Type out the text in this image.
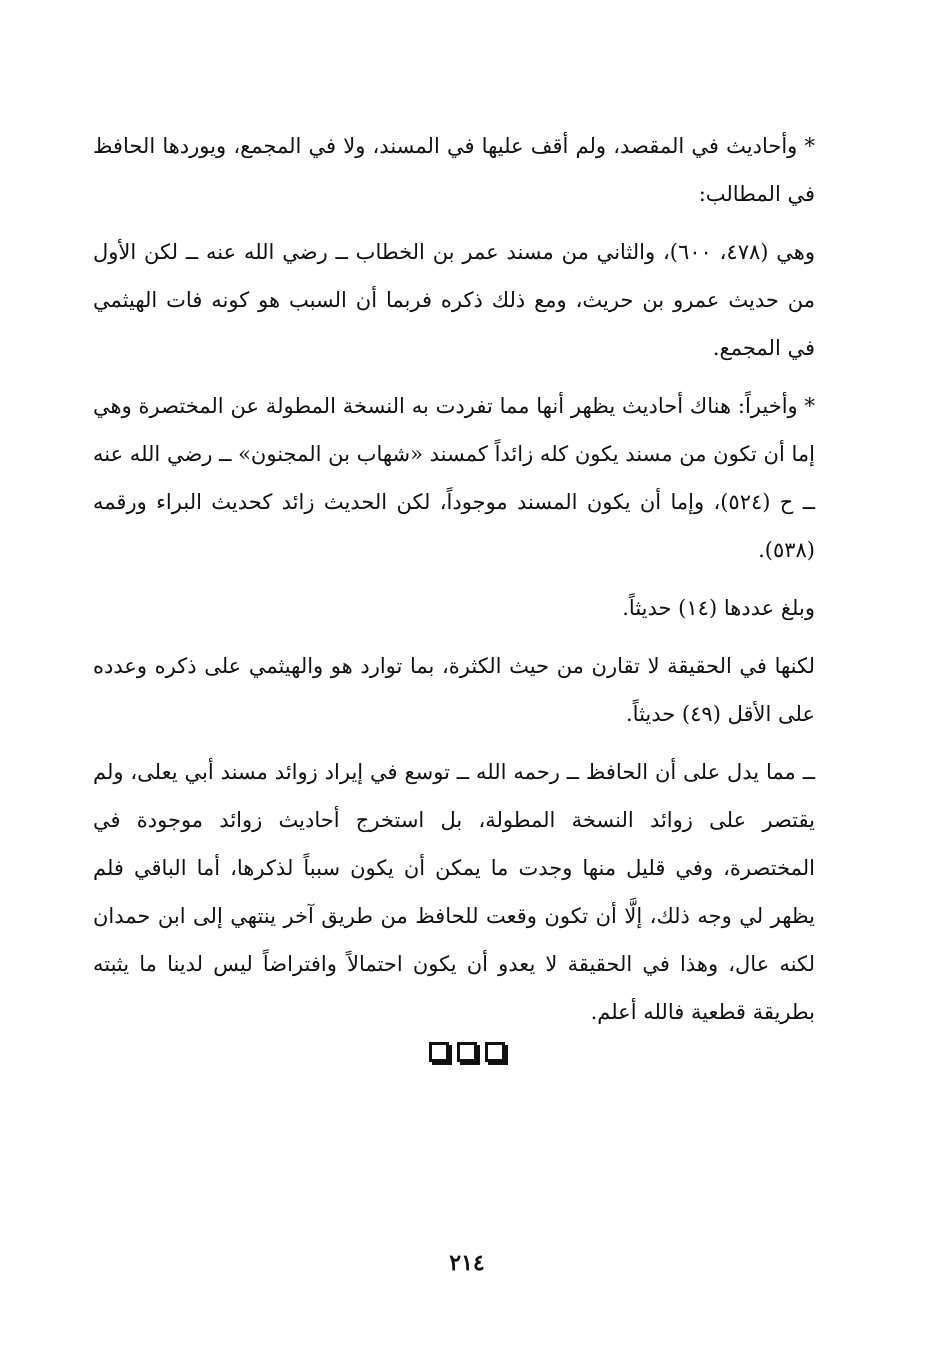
* وأحاديث في المقصد، ولم أقف عليها في المسند، ولا في المجمع، ويوردها الحافظ في المطالب:

وهي (٤٧٨، ٦٠٠)، والثاني من مسند عمر بن الخطاب ــ رضي الله عنه ــ لكن الأول من حديث عمرو بن حريث، ومع ذلك ذكره فربما أن السبب هو كونه فات الهيثمي في المجمع.

* وأخيراً: هناك أحاديث يظهر أنها مما تفردت به النسخة المطولة عن المختصرة وهي إما أن تكون من مسند يكون كله زائداً كمسند «شهاب بن المجنون» ــ رضي الله عنه ــ ح (٥٢٤)، وإما أن يكون المسند موجوداً، لكن الحديث زائد كحديث البراء ورقمه (٥٣٨).

وبلغ عددها (١٤) حديثاً.

لكنها في الحقيقة لا تقارن من حيث الكثرة، بما توارد هو والهيثمي على ذكره وعدده على الأقل (٤٩) حديثاً.

ــ مما يدل على أن الحافظ ــ رحمه الله ــ توسع في إيراد زوائد مسند أبي يعلى، ولم يقتصر على زوائد النسخة المطولة، بل استخرج أحاديث زوائد موجودة في المختصرة، وفي قليل منها وجدت ما يمكن أن يكون سبباً لذكرها، أما الباقي فلم يظهر لي وجه ذلك، إلَّا أن تكون وقعت للحافظ من طريق آخر ينتهي إلى ابن حمدان لكنه عال، وهذا في الحقيقة لا يعدو أن يكون احتمالاً وافتراضاً ليس لدينا ما يثبته بطريقة قطعية فالله أعلم.

٢١٤
